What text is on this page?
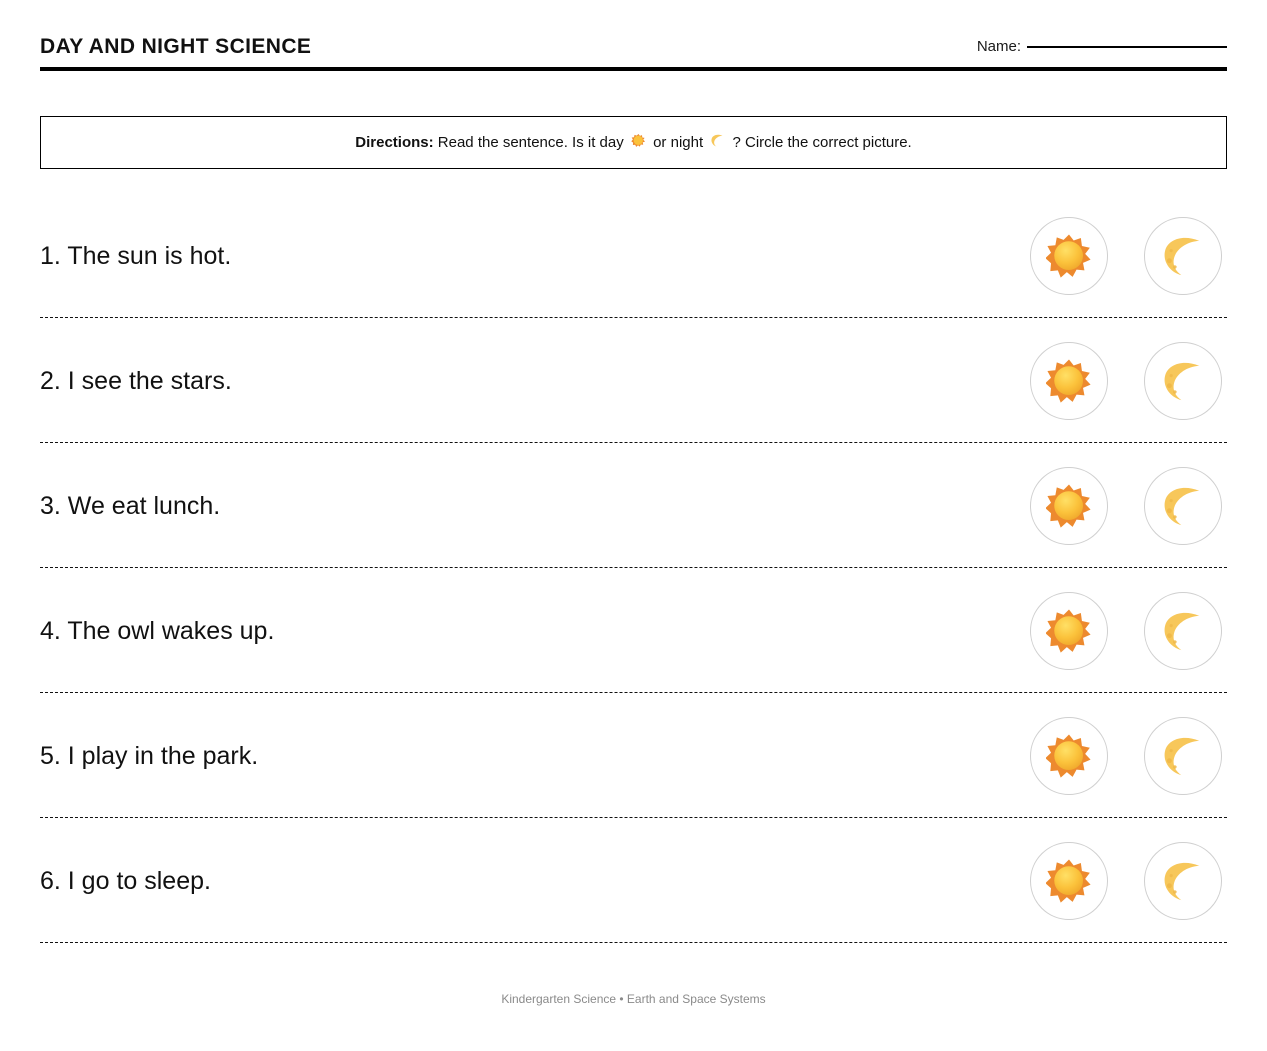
DAY AND NIGHT SCIENCE	Name:
Directions: Read the sentence. Is it day or night ? Circle the correct picture.
1. The sun is hot.
2. I see the stars.
3. We eat lunch.
4. The owl wakes up.
5. I play in the park.
6. I go to sleep.
Kindergarten Science • Earth and Space Systems
